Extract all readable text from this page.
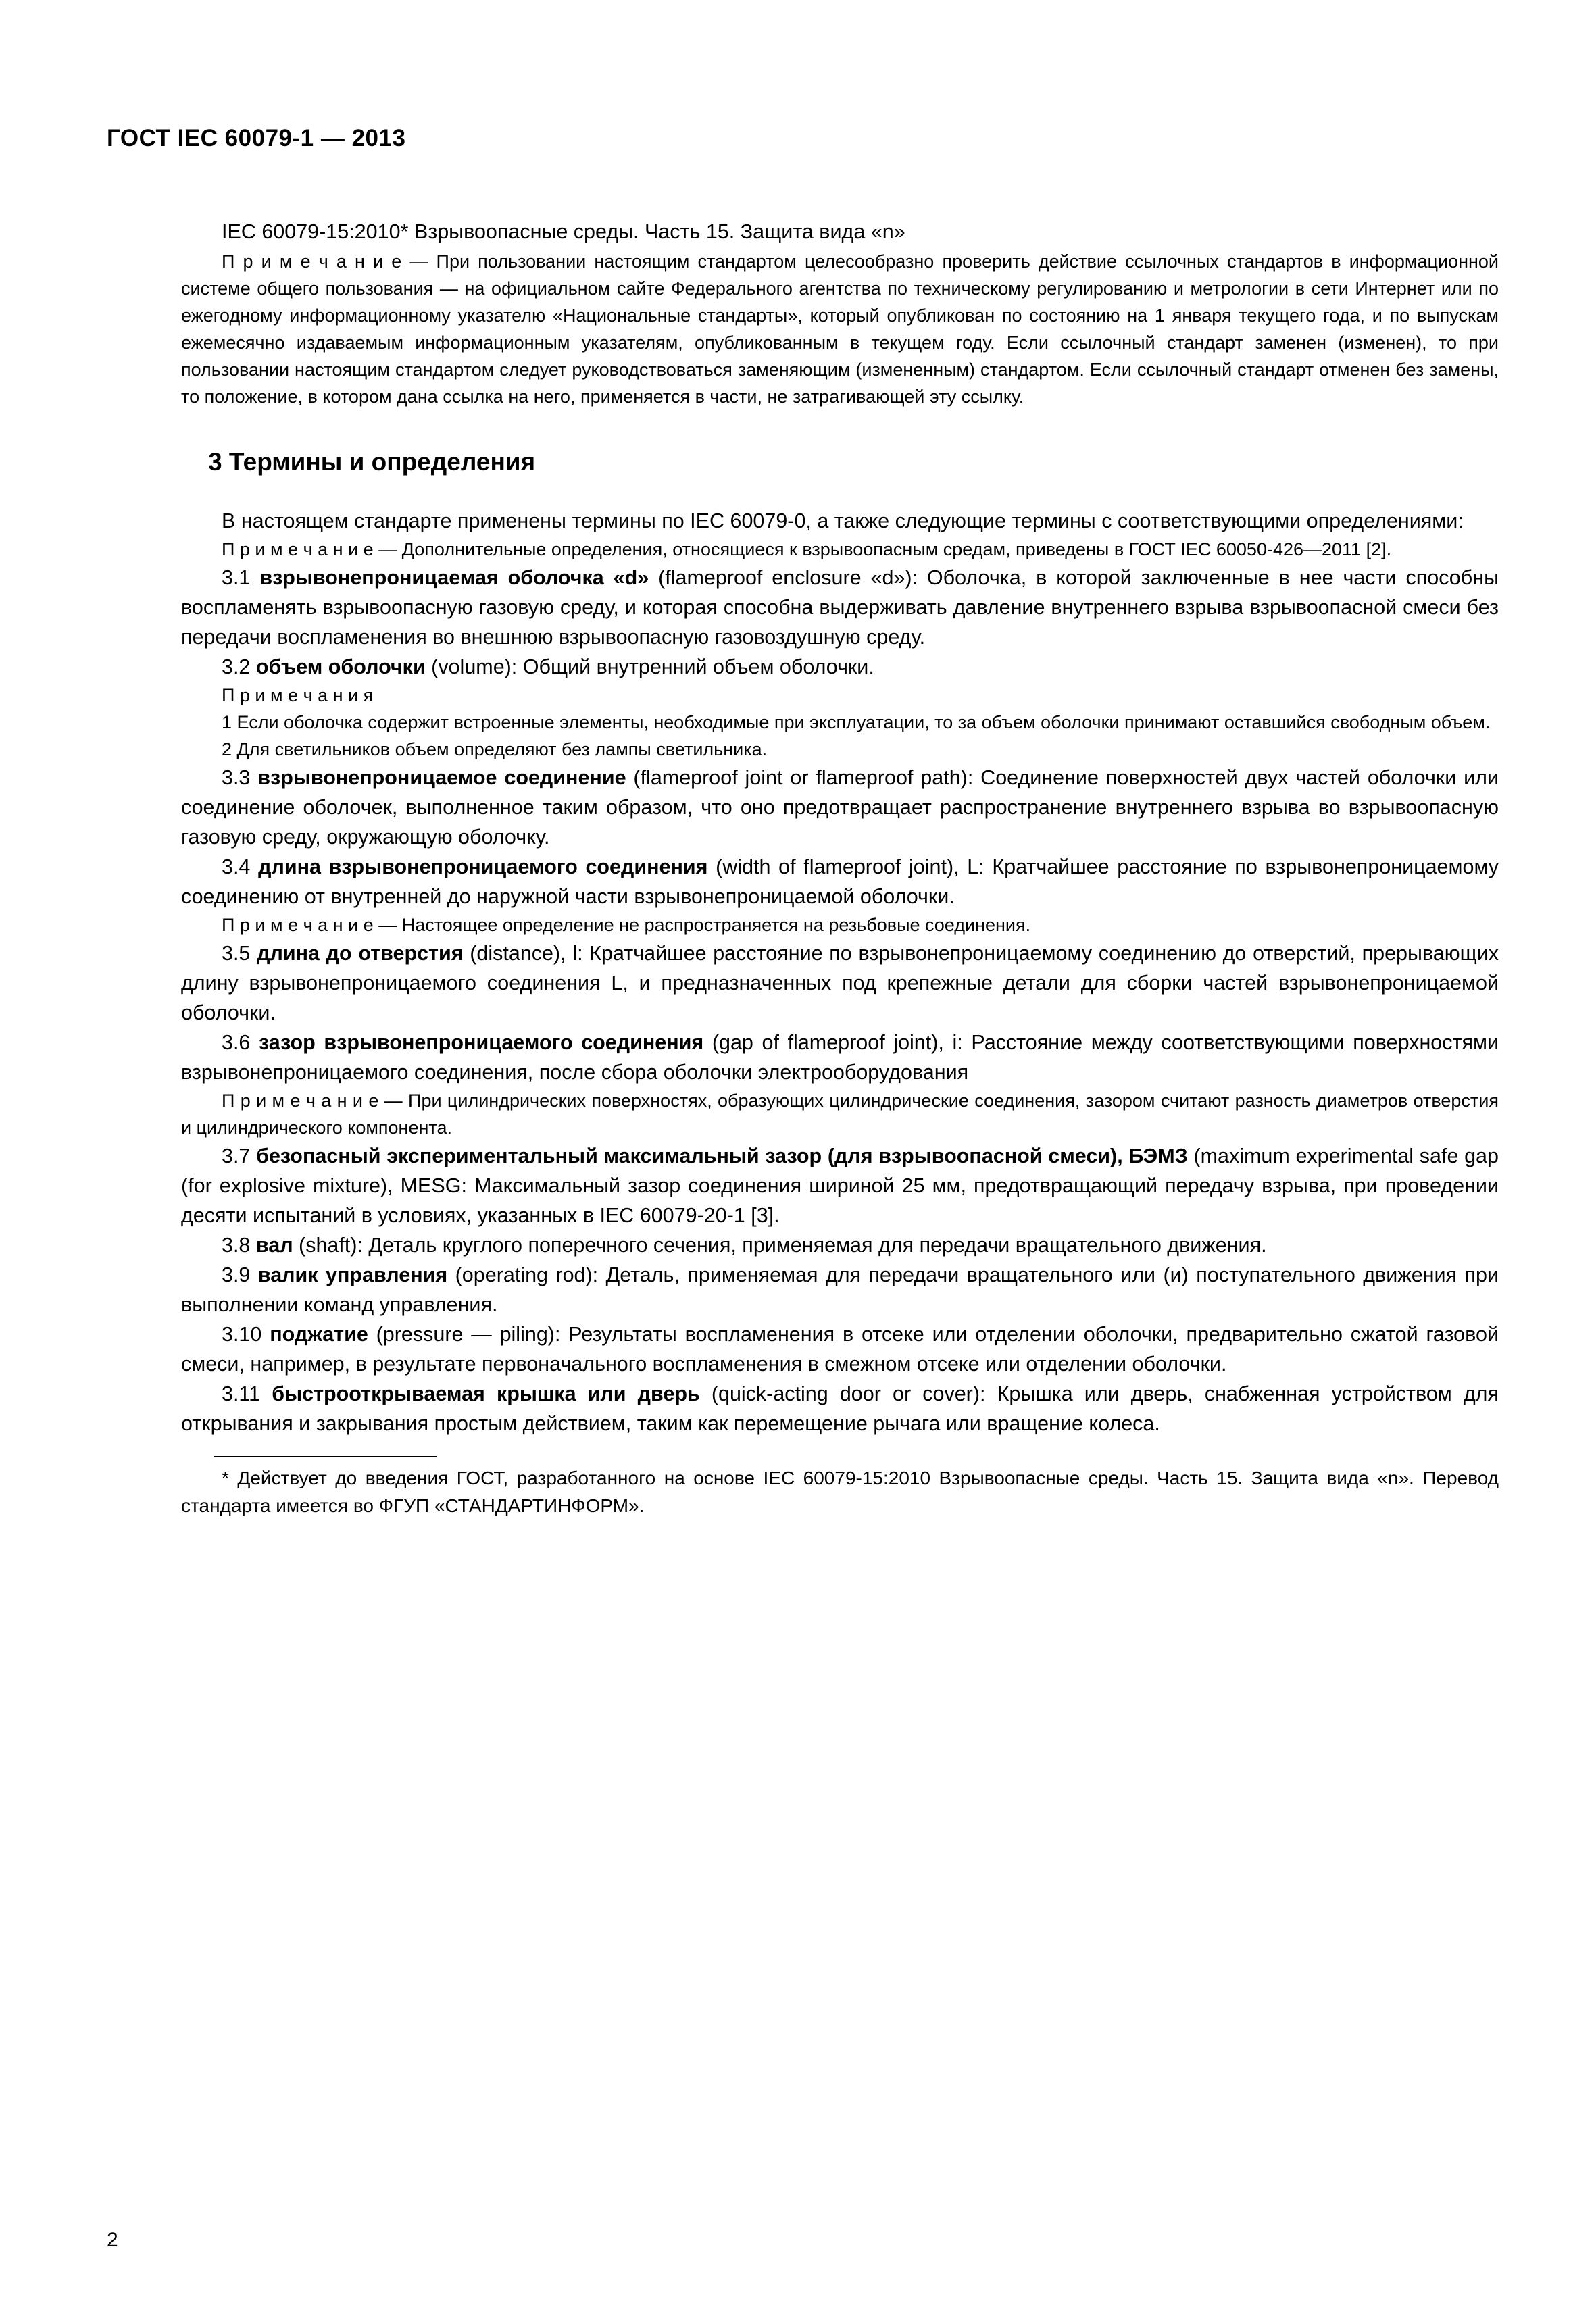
ГОСТ IEC 60079-1 — 2013

IEC 60079-15:2010* Взрывоопасные среды. Часть 15. Защита вида «n»

П р и м е ч а н и е — При пользовании настоящим стандартом целесообразно проверить действие ссылочных стандартов в информационной системе общего пользования — на официальном сайте Федерального агентства по техническому регулированию и метрологии в сети Интернет или по ежегодному информационному указателю «Национальные стандарты», который опубликован по состоянию на 1 января текущего года, и по выпускам ежемесячно издаваемым информационным указателям, опубликованным в текущем году. Если ссылочный стандарт заменен (изменен), то при пользовании настоящим стандартом следует руководствоваться заменяющим (измененным) стандартом. Если ссылочный стандарт отменен без замены, то положение, в котором дана ссылка на него, применяется в части, не затрагивающей эту ссылку.

3 Термины и определения

В настоящем стандарте применены термины по IEC 60079-0, а также следующие термины с соответствующими определениями:

П р и м е ч а н и е — Дополнительные определения, относящиеся к взрывоопасным средам, приведены в ГОСТ IEC 60050-426—2011 [2].

3.1 взрывонепроницаемая оболочка «d» (flameproof enclosure «d»): Оболочка, в которой заключенные в нее части способны воспламенять взрывоопасную газовую среду, и которая способна выдерживать давление внутреннего взрыва взрывоопасной смеси без передачи воспламенения во внешнюю взрывоопасную газовоздушную среду.

3.2 объем оболочки (volume): Общий внутренний объем оболочки.

П р и м е ч а н и я

1 Если оболочка содержит встроенные элементы, необходимые при эксплуатации, то за объем оболочки принимают оставшийся свободным объем.

2 Для светильников объем определяют без лампы светильника.

3.3 взрывонепроницаемое соединение (flameproof joint or flameproof path): Соединение поверхностей двух частей оболочки или соединение оболочек, выполненное таким образом, что оно предотвращает распространение внутреннего взрыва во взрывоопасную газовую среду, окружающую оболочку.

3.4 длина взрывонепроницаемого соединения (width of flameproof joint), L: Кратчайшее расстояние по взрывонепроницаемому соединению от внутренней до наружной части взрывонепроницаемой оболочки.

П р и м е ч а н и е — Настоящее определение не распространяется на резьбовые соединения.

3.5 длина до отверстия (distance), l: Кратчайшее расстояние по взрывонепроницаемому соединению до отверстий, прерывающих длину взрывонепроницаемого соединения L, и предназначенных под крепежные детали для сборки частей взрывонепроницаемой оболочки.

3.6 зазор взрывонепроницаемого соединения (gap of flameproof joint), i: Расстояние между соответствующими поверхностями взрывонепроницаемого соединения, после сбора оболочки электрооборудования

П р и м е ч а н и е — При цилиндрических поверхностях, образующих цилиндрические соединения, зазором считают разность диаметров отверстия и цилиндрического компонента.

3.7 безопасный экспериментальный максимальный зазор (для взрывоопасной смеси), БЭМЗ (maximum experimental safe gap (for explosive mixture), MESG: Максимальный зазор соединения шириной 25 мм, предотвращающий передачу взрыва, при проведении десяти испытаний в условиях, указанных в IEC 60079-20-1 [3].

3.8 вал (shaft): Деталь круглого поперечного сечения, применяемая для передачи вращательного движения.

3.9 валик управления (operating rod): Деталь, применяемая для передачи вращательного или (и) поступательного движения при выполнении команд управления.

3.10 поджатие (pressure — piling): Результаты воспламенения в отсеке или отделении оболочки, предварительно сжатой газовой смеси, например, в результате первоначального воспламенения в смежном отсеке или отделении оболочки.

3.11 быстрооткрываемая крышка или дверь (quick-acting door or cover): Крышка или дверь, снабженная устройством для открывания и закрывания простым действием, таким как перемещение рычага или вращение колеса.

* Действует до введения ГОСТ, разработанного на основе IEC 60079-15:2010 Взрывоопасные среды. Часть 15. Защита вида «n». Перевод стандарта имеется во ФГУП «СТАНДАРТИНФОРМ».

2
